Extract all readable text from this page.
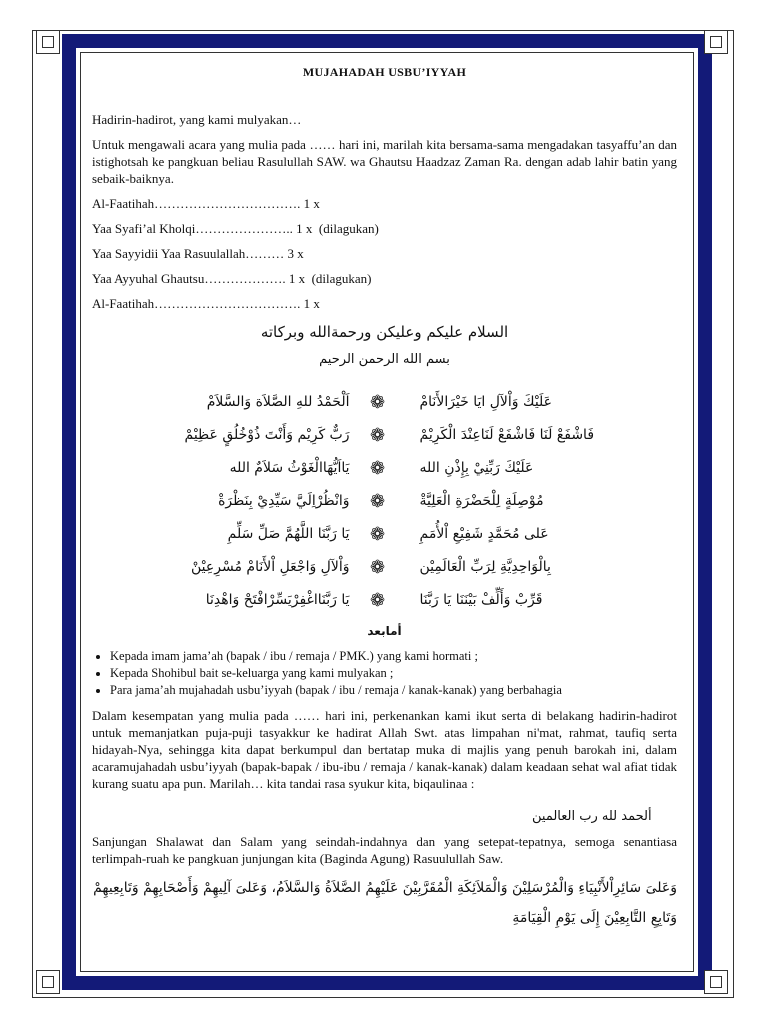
MUJAHADAH USBU’IYYAH

Hadirin-hadirot, yang kami mulyakan…

Untuk mengawali acara yang mulia pada …… hari ini, marilah kita bersama-sama mengadakan tasyaffu’an dan istighotsah ke pangkuan beliau Rasulullah SAW. wa Ghautsu Haadzaz Zaman Ra. dengan adab lahir batin yang sebaik-baiknya.

Al-Faatihah……………………………. 1 x
Yaa Syafi’al Kholqi………………….. 1 x  (dilagukan)
Yaa Sayyidii Yaa Rasuulallah……… 3 x
Yaa Ayyuhal Ghautsu………………. 1 x  (dilagukan)
Al-Faatihah……………………………. 1 x
السلام عليكم وعليكن ورحمةالله وبركاته
بسم الله الرحمن الرحيم
اَلْحَمْدُ للهِ الصَّلاَة وَالسَّلاَمْ	❁	عَلَيْكَ وَاْلآلِ ايَا خَيْرَالأَنَامْ
رَبٌّ كَرِيْم وَأَنْتَ ذُوْخُلُقٍ عَظِيْمْ	❁	فَاشْفَعْ لَنَا فَاشْفَعْ لَنَاعِنْدَ الْكَرِيْمْ
يَااَيُّهَاالْغَوْثُ سَلاَمٌ الله	❁	عَلَيْكَ رَبِّنِيْ بِإِذْنِ الله
وَانْظُرْاِلَيَّ سَيِّدِيْ بِنَظْرَةْ	❁	مُوْصِلَةٍ لِلْحَضْرَةِ الْعَلِيَّةْ
يَا رَبَّنَا اللَّهُمَّ صَلِّ سَلِّمِ	❁	عَلى مُحَمَّدٍ شَفِيْعِ اْلأُمَمِ
وَاْلآلِ وَاجْعَلِ اْلأَنَامْ مُسْرِعِيْنْ	❁	بِالْوَاحِدِيَّةِ لِرَبِّ الْعَالَمِيْن
يَا رَبَّنَااغْفِرْيَسِّرْافْتَحْ وَاهْدِنَا	❁	قَرِّبْ وَأَلِّفْ بَيْنَنَا يَا رَبَّنَا
أمابعد
• Kepada imam jama’ah (bapak / ibu / remaja / PMK.) yang kami hormati ;
• Kepada Shohibul bait se-keluarga yang kami mulyakan ;
• Para jama’ah mujahadah usbu’iyyah (bapak / ibu / remaja / kanak-kanak) yang berbahagia

Dalam kesempatan yang mulia pada …… hari ini, perkenankan kami ikut serta di belakang hadirin-hadirot untuk memanjatkan puja-puji tasyakkur ke hadirat Allah Swt. atas limpahan ni'mat, rahmat, taufiq serta hidayah-Nya, sehingga kita dapat berkumpul dan bertatap muka di majlis yang penuh barokah ini, dalam acaramujahadah usbu’iyyah (bapak-bapak / ibu-ibu / remaja / kanak-kanak) dalam keadaan sehat wal afiat tidak kurang suatu apa pun. Marilah… kita tandai rasa syukur kita, biqaulinaa :

ألحمد لله رب العالمين

Sanjungan Shalawat dan Salam yang seindah-indahnya dan yang setepat-tepatnya, semoga senantiasa terlimpah-ruah ke pangkuan junjungan kita (Baginda Agung) Rasuulullah Saw.

وَعَلىَ سَائِرِاْلأَنْبِيَاءِ وَالْمُرْسَلِيْنَ وَالْمَلاَئِكَةِ الْمُقَرَّبِيْنَ عَلَيْهِمُ الصَّلاَةُ وَالسَّلاَمُ، وَعَلىَ آلِيهِمْ وَأَصْحَابِهِمْ وَتَابِعِيهِمْ
وَتَابِعِ التَّابِعِيْنَ إِلَى يَوْمِ الْقِيَامَةِ
